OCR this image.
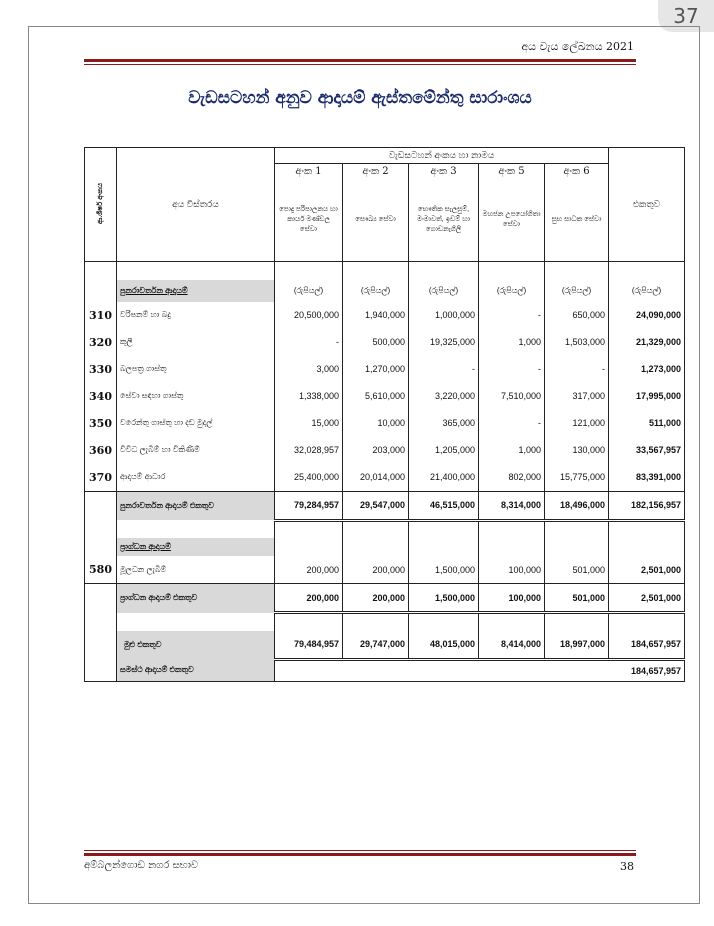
37
අය වැය ලේඛනය 2021
වැඩසටහන් අනුව ආදායම් ඇස්තමේන්තු සාරාංශය
ආ.ශීර්ෂ අංකය	අය විස්තරය	වැඩසටහන් අංකය හා නාමය					එකතුව
		අංක 1	අංක 2	අංක 3	අංක 5	අංක 6	
		පොදු පරිපාලනය හා කාර්ය මණ්ඩල සේවා	සෞඛ්‍ය සේවා	භෞතික සැලසුම්, මංමාවත්, ඉඩම් හා ගොඩනැගිලි	මහජන උපයෝගිතා සේවා	සුභ සාධක සේවා	

	පුනරාවර්තන ආදායම්	(රුපියල්)	(රුපියල්)	(රුපියල්)	(රුපියල්)	(රුපියල්)	(රුපියල්)
310	වරිපනම් හා බදු	20,500,000	1,940,000	1,000,000	-	650,000	24,090,000
320	කුලී	-	500,000	19,325,000	1,000	1,503,000	21,329,000
330	බලපත්‍ර ගාස්තු	3,000	1,270,000	-	-	-	1,273,000
340	සේවා සඳහා ගාස්තු	1,338,000	5,610,000	3,220,000	7,510,000	317,000	17,995,000
350	වරෙන්තු ගාස්තු හා දඩ මුදල්	15,000	10,000	365,000	-	121,000	511,000
360	විවිධ ලැබීම් හා විකිණීම්	32,028,957	203,000	1,205,000	1,000	130,000	33,567,957
370	ආදායම් ආධාර	25,400,000	20,014,000	21,400,000	802,000	15,775,000	83,391,000
	පුනරාවර්තන ආදායම් එකතුව	79,284,957	29,547,000	46,515,000	8,314,000	18,496,000	182,156,957

	ප්‍රාග්ධන ආදායම්						
580	මූලධන ලැබීම්	200,000	200,000	1,500,000	100,000	501,000	2,501,000
	ප්‍රාග්ධන ආදායම් එකතුව	200,000	200,000	1,500,000	100,000	501,000	2,501,000

	මුළු එකතුව	79,484,957	29,747,000	48,015,000	8,414,000	18,997,000	184,657,957
	සමස්ථ ආදායම් එකතුව	184,657,957					
අම්බලන්ගොඩ නගර සභාව	38
